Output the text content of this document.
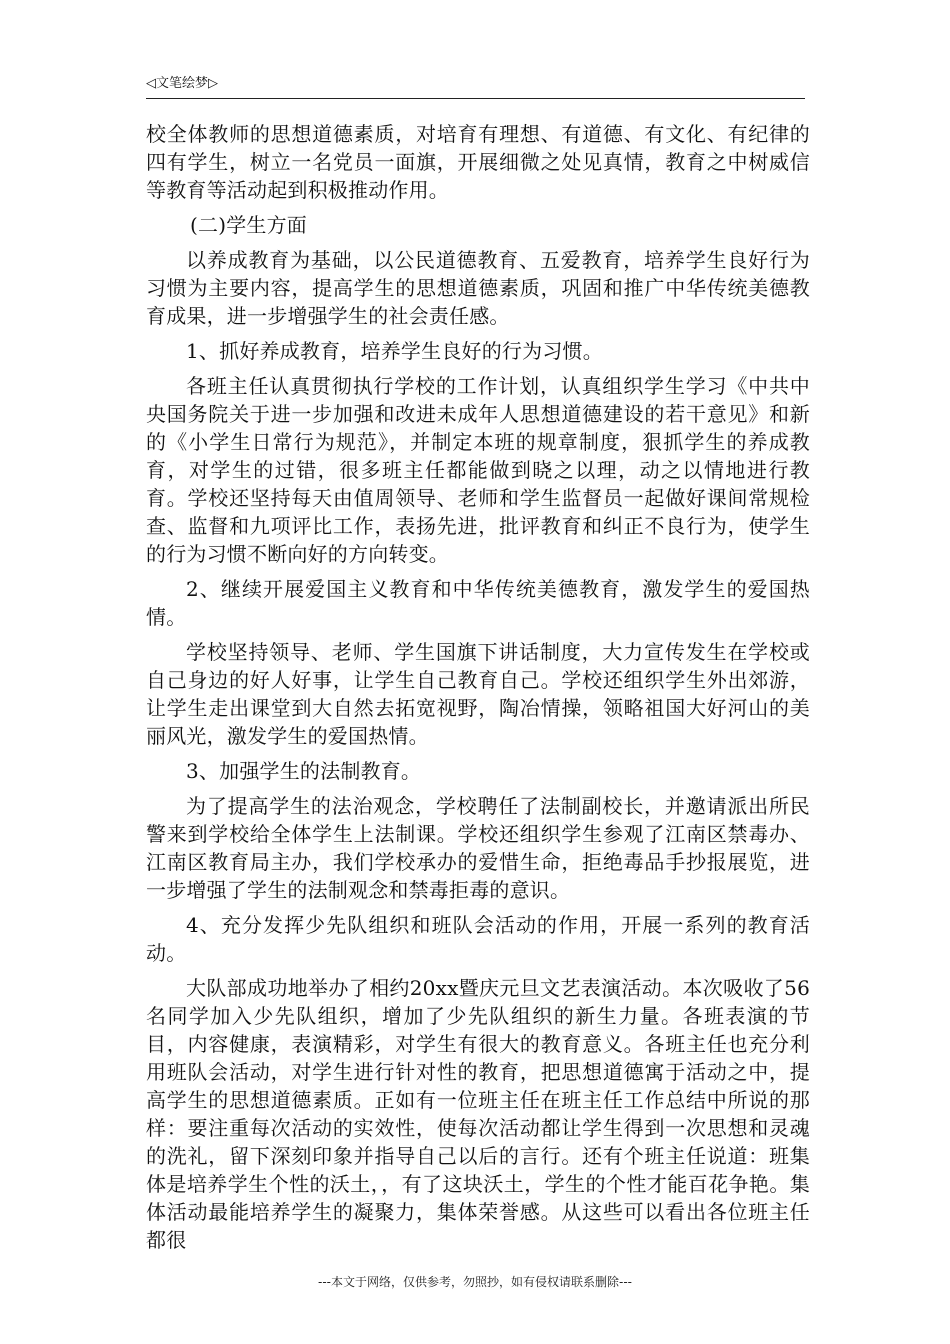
◁文笔绘梦▷

校全体教师的思想道德素质，对培育有理想、有道德、有文化、有纪律的四有学生，树立一名党员一面旗，开展细微之处见真情，教育之中树威信等教育等活动起到积极推动作用。

(二)学生方面

以养成教育为基础，以公民道德教育、五爱教育，培养学生良好行为习惯为主要内容，提高学生的思想道德素质，巩固和推广中华传统美德教育成果，进一步增强学生的社会责任感。

1、抓好养成教育，培养学生良好的行为习惯。

各班主任认真贯彻执行学校的工作计划，认真组织学生学习《中共中央国务院关于进一步加强和改进未成年人思想道德建设的若干意见》和新的《小学生日常行为规范》，并制定本班的规章制度，狠抓学生的养成教育，对学生的过错，很多班主任都能做到晓之以理，动之以情地进行教育。学校还坚持每天由值周领导、老师和学生监督员一起做好课间常规检查、监督和九项评比工作，表扬先进，批评教育和纠正不良行为，使学生的行为习惯不断向好的方向转变。

2、继续开展爱国主义教育和中华传统美德教育，激发学生的爱国热情。

学校坚持领导、老师、学生国旗下讲话制度，大力宣传发生在学校或自己身边的好人好事，让学生自己教育自己。学校还组织学生外出郊游，让学生走出课堂到大自然去拓宽视野，陶冶情操，领略祖国大好河山的美丽风光，激发学生的爱国热情。

3、加强学生的法制教育。

为了提高学生的法治观念，学校聘任了法制副校长，并邀请派出所民警来到学校给全体学生上法制课。学校还组织学生参观了江南区禁毒办、江南区教育局主办，我们学校承办的爱惜生命，拒绝毒品手抄报展览，进一步增强了学生的法制观念和禁毒拒毒的意识。

4、充分发挥少先队组织和班队会活动的作用，开展一系列的教育活动。

大队部成功地举办了相约20xx暨庆元旦文艺表演活动。本次吸收了56名同学加入少先队组织，增加了少先队组织的新生力量。各班表演的节目，内容健康，表演精彩，对学生有很大的教育意义。各班主任也充分利用班队会活动，对学生进行针对性的教育，把思想道德寓于活动之中，提高学生的思想道德素质。正如有一位班主任在班主任工作总结中所说的那样：要注重每次活动的实效性，使每次活动都让学生得到一次思想和灵魂的洗礼，留下深刻印象并指导自己以后的言行。还有个班主任说道：班集体是培养学生个性的沃土，，有了这块沃土，学生的个性才能百花争艳。集体活动最能培养学生的凝聚力，集体荣誉感。从这些可以看出各位班主任都很

---本文于网络，仅供参考，勿照抄，如有侵权请联系删除---
